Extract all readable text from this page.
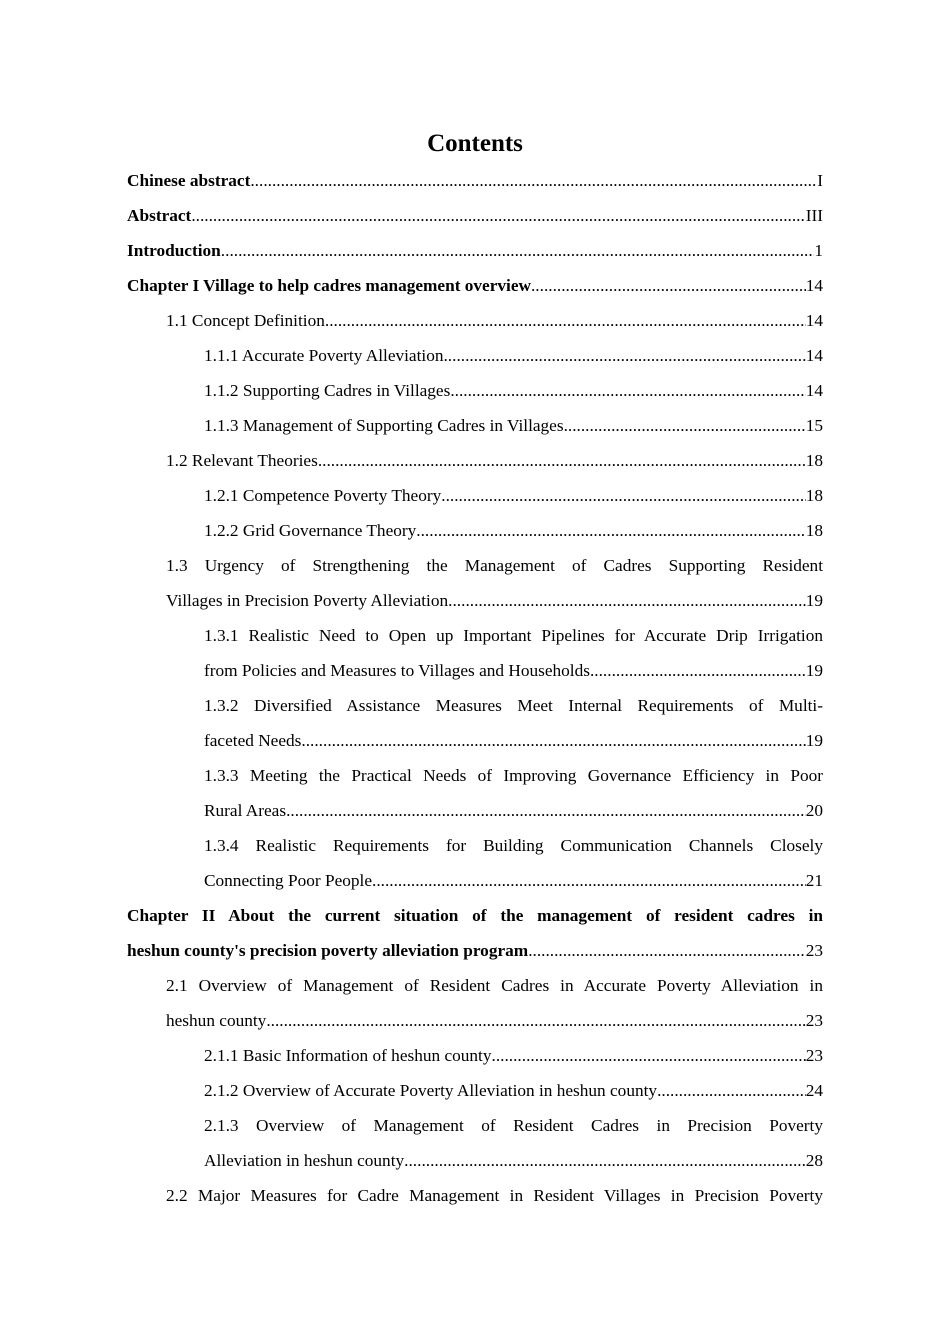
Contents
Chinese abstract .....	I
Abstract .....	III
Introduction .....	1
Chapter I Village to help cadres management overview .....	14
1.1 Concept Definition .....	14
1.1.1 Accurate Poverty Alleviation .....	14
1.1.2 Supporting Cadres in Villages .....	14
1.1.3 Management of Supporting Cadres in Villages .....	15
1.2 Relevant Theories .....	18
1.2.1 Competence Poverty Theory .....	18
1.2.2 Grid Governance Theory .....	18
1.3 Urgency of Strengthening the Management of Cadres Supporting Resident
Villages in Precision Poverty Alleviation .....	19
1.3.1 Realistic Need to Open up Important Pipelines for Accurate Drip Irrigation
from Policies and Measures to Villages and Households .....	19
1.3.2 Diversified Assistance Measures Meet Internal Requirements of Multi-
faceted Needs .....	19
1.3.3 Meeting the Practical Needs of Improving Governance Efficiency in Poor
Rural Areas .....	20
1.3.4 Realistic Requirements for Building Communication Channels Closely
Connecting Poor People .....	21
Chapter II About the current situation of the management of resident cadres in
heshun county's precision poverty alleviation program .....	23
2.1 Overview of Management of Resident Cadres in Accurate Poverty Alleviation in
heshun county .....	23
2.1.1 Basic Information of heshun county .....	23
2.1.2 Overview of Accurate Poverty Alleviation in heshun county .....	24
2.1.3 Overview of Management of Resident Cadres in Precision Poverty
Alleviation in heshun county .....	28
2.2 Major Measures for Cadre Management in Resident Villages in Precision Poverty
